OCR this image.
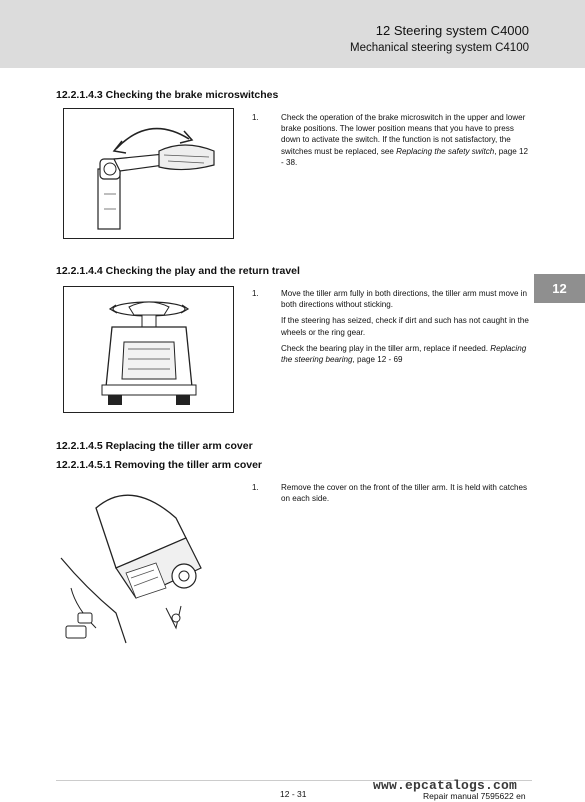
12 Steering system C4000
Mechanical steering system C4100
12
12.2.1.4.3 Checking the brake microswitches
1.	Check the operation of the brake microswitch in the upper and lower brake positions. The lower position means that you have to press down to activate the switch. If the function is not satisfactory, the switches must be replaced, see Replacing the safety switch, page 12 - 38.

12.2.1.4.4 Checking the play and the return travel
1.	Move the tiller arm fully in both directions, the tiller arm must move in both directions without sticking.

If the steering has seized, check if dirt and such has not caught in the wheels or the ring gear.

Check the bearing play in the tiller arm, replace if needed. Replacing the steering bearing, page 12 - 69

12.2.1.4.5 Replacing the tiller arm cover
12.2.1.4.5.1 Removing the tiller arm cover
1.	Remove the cover on the front of the tiller arm. It is held with catches on each side.

www.epcatalogs.com
12 - 31	Repair manual 7595622 en
